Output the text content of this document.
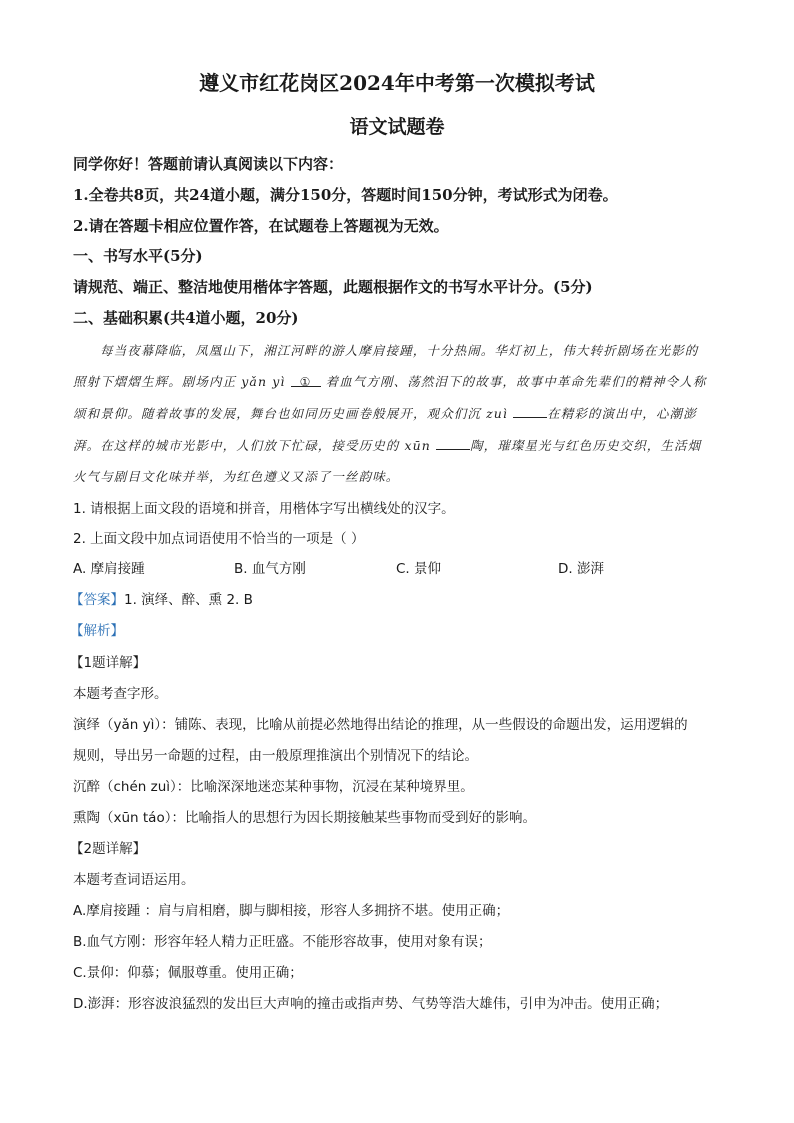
遵义市红花岗区2024年中考第一次模拟考试
语文试题卷
同学你好！答题前请认真阅读以下内容：
1.全卷共8页，共24道小题，满分150分，答题时间150分钟，考试形式为闭卷。
2.请在答题卡相应位置作答，在试题卷上答题视为无效。
一、书写水平(5分)
请规范、端正、整洁地使用楷体字答题，此题根据作文的书写水平计分。(5分)
二、基础积累(共4道小题，20分)
每当夜幕降临，凤凰山下，湘江河畔的游人摩肩接踵，十分热闹。华灯初上，伟大转折剧场在光影的
照射下熠熠生辉。剧场内正 yǎn yì ① 着血气方刚、荡然泪下的故事，故事中革命先辈们的精神令人称
颂和景仰。随着故事的发展，舞台也如同历史画卷般展开，观众们沉 zuì	在精彩的演出中，心潮澎
湃。在这样的城市光影中，人们放下忙碌，接受历史的 xūn	陶，璀璨星光与红色历史交织，生活烟
火气与剧目文化味并举，为红色遵义又添了一丝韵味。
1. 请根据上面文段的语境和拼音，用楷体字写出横线处的汉字。
2. 上面文段中加点词语使用不恰当的一项是（ ）
A. 摩肩接踵	B. 血气方刚	C. 景仰	D. 澎湃
【答案】1. 演绎、醉、熏 2. B
【解析】
【1题详解】
本题考查字形。
演绎（yǎn yì）：铺陈、表现，比喻从前提必然地得出结论的推理，从一些假设的命题出发，运用逻辑的
规则，导出另一命题的过程，由一般原理推演出个别情况下的结论。
沉醉（chén zuì）：比喻深深地迷恋某种事物，沉浸在某种境界里。
熏陶（xūn táo）：比喻指人的思想行为因长期接触某些事物而受到好的影响。
【2题详解】
本题考查词语运用。
A.摩肩接踵 ：肩与肩相磨，脚与脚相接，形容人多拥挤不堪。使用正确；
B.血气方刚：形容年轻人精力正旺盛。不能形容故事，使用对象有误；
C.景仰：仰慕；佩服尊重。使用正确；
D.澎湃：形容波浪猛烈的发出巨大声响的撞击或指声势、气势等浩大雄伟，引申为冲击。使用正确；
